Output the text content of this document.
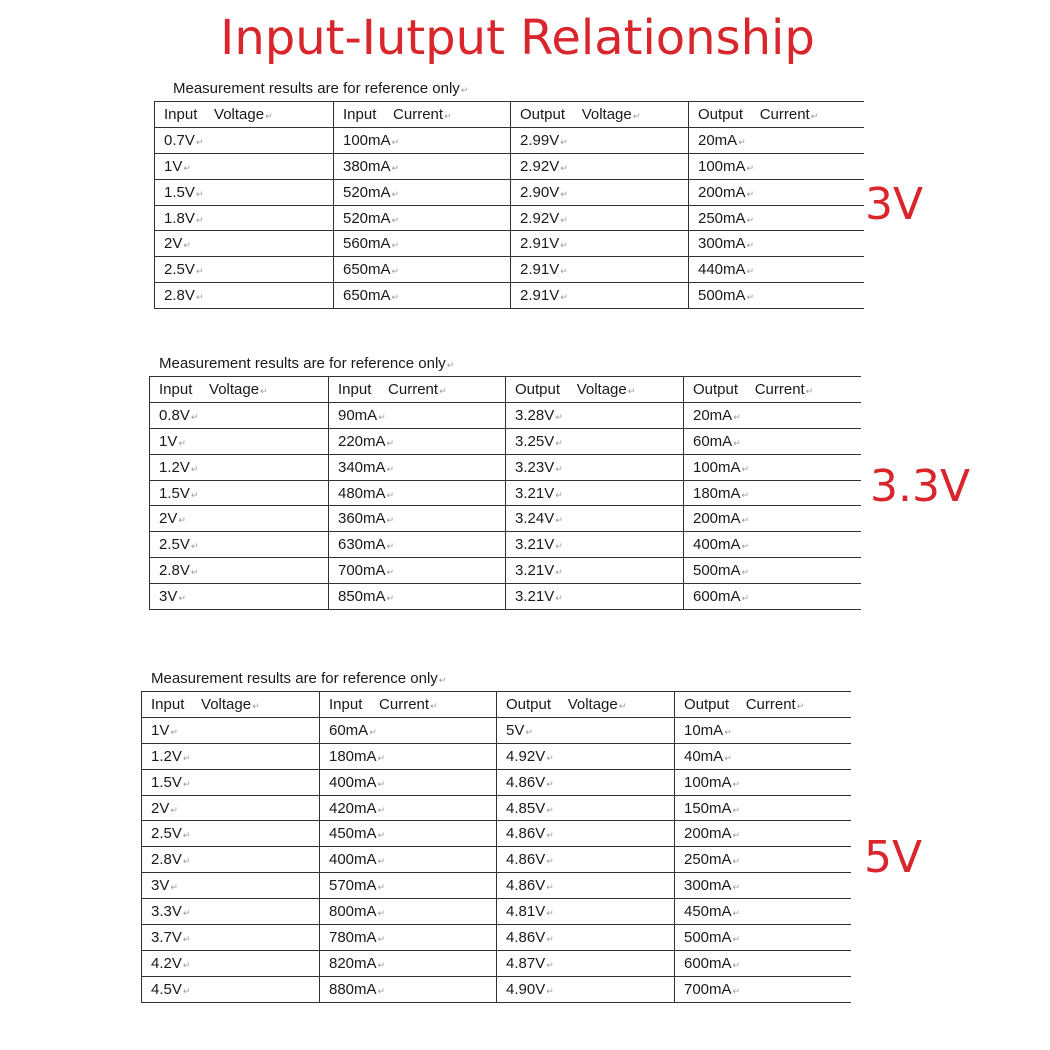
Input-Iutput Relationship
Measurement results are for reference only↵
Input    Voltage↵	Input    Current↵	Output    Voltage↵	Output    Current↵
0.7V↵	100mA↵	2.99V↵	20mA↵
1V↵	380mA↵	2.92V↵	100mA↵
1.5V↵	520mA↵	2.90V↵	200mA↵
1.8V↵	520mA↵	2.92V↵	250mA↵
2V↵	560mA↵	2.91V↵	300mA↵
2.5V↵	650mA↵	2.91V↵	440mA↵
2.8V↵	650mA↵	2.91V↵	500mA↵
3V
Measurement results are for reference only↵
Input    Voltage↵	Input    Current↵	Output    Voltage↵	Output    Current↵
0.8V↵	90mA↵	3.28V↵	20mA↵
1V↵	220mA↵	3.25V↵	60mA↵
1.2V↵	340mA↵	3.23V↵	100mA↵
1.5V↵	480mA↵	3.21V↵	180mA↵
2V↵	360mA↵	3.24V↵	200mA↵
2.5V↵	630mA↵	3.21V↵	400mA↵
2.8V↵	700mA↵	3.21V↵	500mA↵
3V↵	850mA↵	3.21V↵	600mA↵
3.3V
Measurement results are for reference only↵
Input    Voltage↵	Input    Current↵	Output    Voltage↵	Output    Current↵
1V↵	60mA↵	5V↵	10mA↵
1.2V↵	180mA↵	4.92V↵	40mA↵
1.5V↵	400mA↵	4.86V↵	100mA↵
2V↵	420mA↵	4.85V↵	150mA↵
2.5V↵	450mA↵	4.86V↵	200mA↵
2.8V↵	400mA↵	4.86V↵	250mA↵
3V↵	570mA↵	4.86V↵	300mA↵
3.3V↵	800mA↵	4.81V↵	450mA↵
3.7V↵	780mA↵	4.86V↵	500mA↵
4.2V↵	820mA↵	4.87V↵	600mA↵
4.5V↵	880mA↵	4.90V↵	700mA↵
5V
